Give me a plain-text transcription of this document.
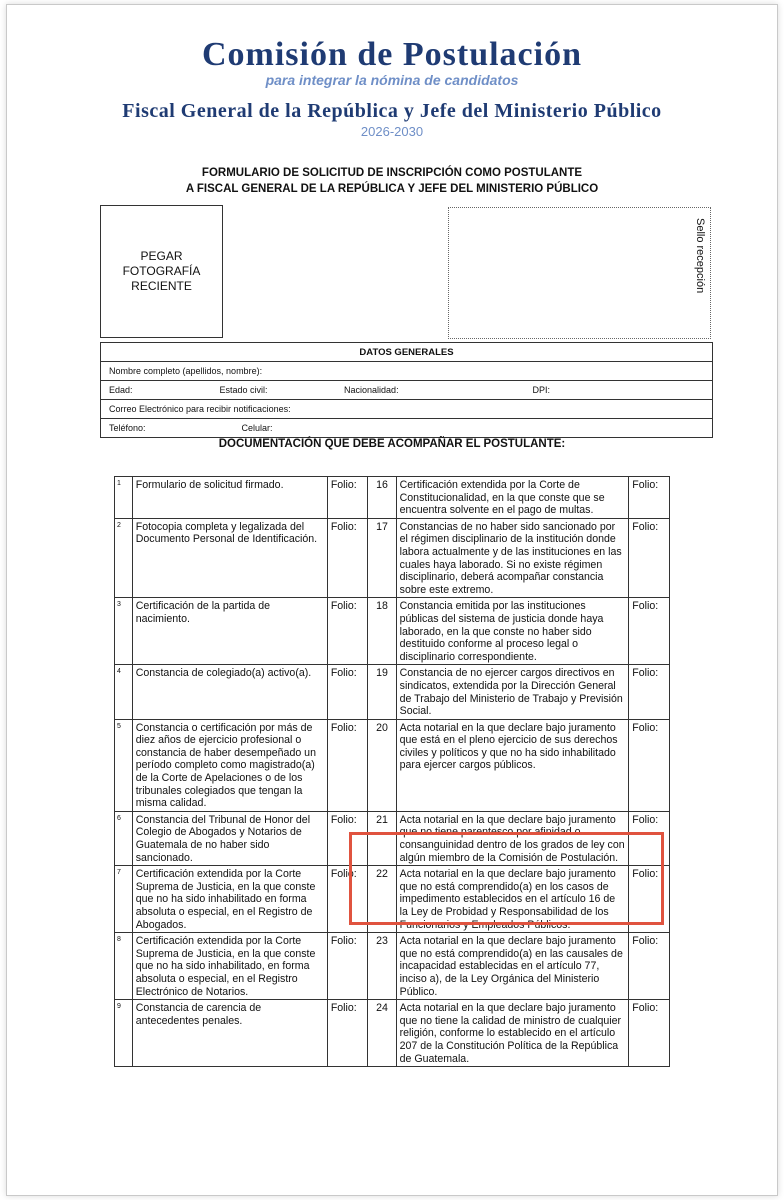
Comisión de Postulación
para integrar la nómina de candidatos
Fiscal General de la República y Jefe del Ministerio Público
2026-2030
FORMULARIO DE SOLICITUD DE INSCRIPCIÓN COMO POSTULANTE
A FISCAL GENERAL DE LA REPÚBLICA Y JEFE DEL MINISTERIO PÚBLICO
PEGAR FOTOGRAFÍA RECIENTE	Sello recepción
DATOS GENERALES
Nombre completo (apellidos, nombre):
Edad:	Estado civil:	Nacionalidad:	DPI:
Correo Electrónico para recibir notificaciones:
Teléfono:	Celular:
DOCUMENTACIÓN QUE DEBE ACOMPAÑAR EL POSTULANTE:
1	Formulario de solicitud firmado.	Folio:	16	Certificación extendida por la Corte de Constitucionalidad, en la que conste que se encuentra solvente en el pago de multas.	Folio:
2	Fotocopia completa y legalizada del Documento Personal de Identificación.	Folio:	17	Constancias de no haber sido sancionado por el régimen disciplinario de la institución donde labora actualmente y de las instituciones en las cuales haya laborado. Si no existe régimen disciplinario, deberá acompañar constancia sobre este extremo.	Folio:
3	Certificación de la partida de nacimiento.	Folio:	18	Constancia emitida por las instituciones públicas del sistema de justicia donde haya laborado, en la que conste no haber sido destituido conforme al proceso legal o disciplinario correspondiente.	Folio:
4	Constancia de colegiado(a) activo(a).	Folio:	19	Constancia de no ejercer cargos directivos en sindicatos, extendida por la Dirección General de Trabajo del Ministerio de Trabajo y Previsión Social.	Folio:
5	Constancia o certificación por más de diez años de ejercicio profesional o constancia de haber desempeñado un período completo como magistrado(a) de la Corte de Apelaciones o de los tribunales colegiados que tengan la misma calidad.	Folio:	20	Acta notarial en la que declare bajo juramento que está en el pleno ejercicio de sus derechos civiles y políticos y que no ha sido inhabilitado para ejercer cargos públicos.	Folio:
6	Constancia del Tribunal de Honor del Colegio de Abogados y Notarios de Guatemala de no haber sido sancionado.	Folio:	21	Acta notarial en la que declare bajo juramento que no tiene parentesco por afinidad o consanguinidad dentro de los grados de ley con algún miembro de la Comisión de Postulación.	Folio:
7	Certificación extendida por la Corte Suprema de Justicia, en la que conste que no ha sido inhabilitado en forma absoluta o especial, en el Registro de Abogados.	Folio:	22	Acta notarial en la que declare bajo juramento que no está comprendido(a) en los casos de impedimento establecidos en el artículo 16 de la Ley de Probidad y Responsabilidad de los Funcionarios y Empleados Públicos.	Folio:
8	Certificación extendida por la Corte Suprema de Justicia, en la que conste que no ha sido inhabilitado, en forma absoluta o especial, en el Registro Electrónico de Notarios.	Folio:	23	Acta notarial en la que declare bajo juramento que no está comprendido(a) en las causales de incapacidad establecidas en el artículo 77, inciso a), de la Ley Orgánica del Ministerio Público.	Folio:
9	Constancia de carencia de antecedentes penales.	Folio:	24	Acta notarial en la que declare bajo juramento que no tiene la calidad de ministro de cualquier religión, conforme lo establecido en el artículo 207 de la Constitución Política de la República de Guatemala.	Folio:
